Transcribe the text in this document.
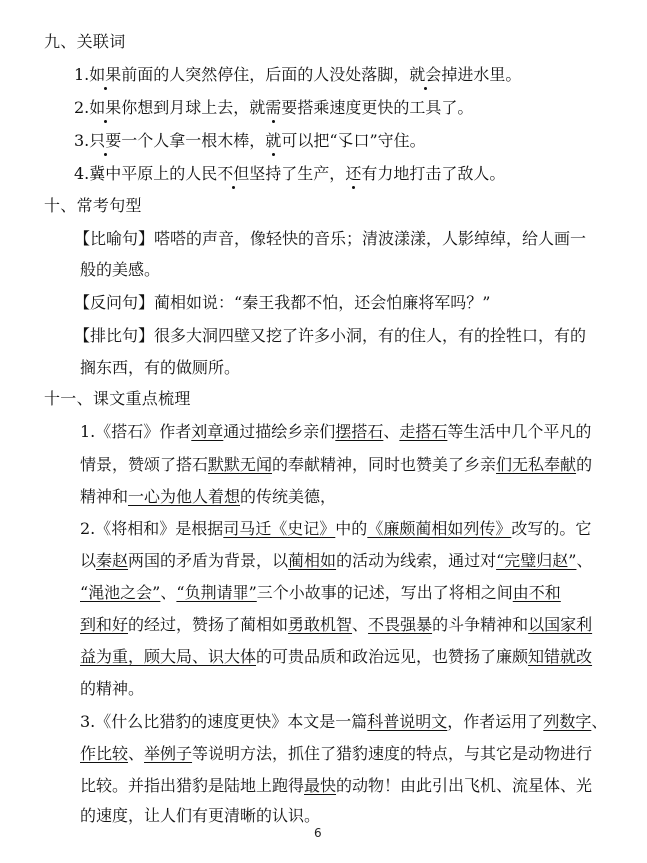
九、关联词
1.如果前面的人突然停住，后面的人没处落脚，就会掉进水里。
2.如果你想到月球上去，就需要搭乘速度更快的工具了。
3.只要一个人拿一根木棒，就可以把“孓口”守住。
4.冀中平原上的人民不但坚持了生产，还有力地打击了敌人。
十、常考句型
【比喻句】嗒嗒的声音，像轻快的音乐；清波漾漾，人影绰绰，给人画一
般的美感。
【反问句】蔺相如说：“秦王我都不怕，还会怕廉将军吗？”
【排比句】很多大洞四壁又挖了许多小洞，有的住人，有的拴牲口，有的
搁东西，有的做厕所。
十一、课文重点梳理
1.《搭石》作者刘章通过描绘乡亲们摆搭石、走搭石等生活中几个平凡的
情景，赞颂了搭石默默无闻的奉献精神，同时也赞美了乡亲们无私奉献的
精神和一心为他人着想的传统美德，
2.《将相和》是根据司马迁《史记》中的《廉颇蔺相如列传》改写的。它
以秦赵两国的矛盾为背景，以蔺相如的活动为线索，通过对“完璧归赵”、
“渑池之会”、“负荆请罪”三个小故事的记述，写出了将相之间由不和
到和好的经过，赞扬了蔺相如勇敢机智、不畏强暴的斗争精神和以国家利
益为重，顾大局、识大体的可贵品质和政治远见，也赞扬了廉颇知错就改
的精神。
3.《什么比猎豹的速度更快》本文是一篇科普说明文，作者运用了列数字、
作比较、举例子等说明方法，抓住了猎豹速度的特点，与其它是动物进行
比较。并指出猎豹是陆地上跑得最快的动物！由此引出飞机、流星体、光
的速度，让人们有更清晰的认识。
6
